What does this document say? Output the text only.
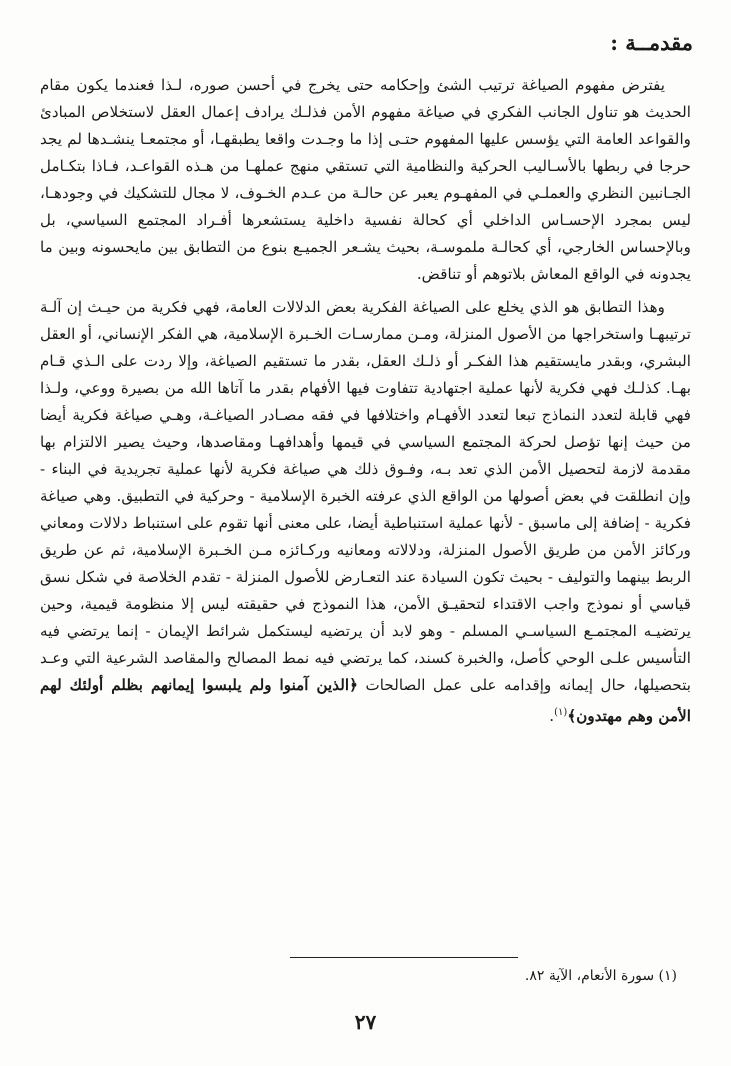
مقدمــة :

يفترض مفهوم الصياغة ترتيب الشئ وإحكامه حتى يخرج في أحسن صوره، لـذا فعندما يكون مقام الحديث هو تناول الجانب الفكري في صياغة مفهوم الأمن فذلـك يرادف إعمال العقل لاستخلاص المبادئ والقواعد العامة التي يؤسس عليها المفهوم حتـى إذا ما وجـدت واقعا يطبقهـا، أو مجتمعـا ينشـدها لم يجد حرجا في ربطها بالأسـاليب الحركية والنظامية التي تستقي منهج عملهـا من هـذه القواعـد، فـاذا بتكـامل الجـانبين النظري والعملـي في المفهـوم يعبر عن حالـة من عـدم الخـوف، لا مجال للتشكيك في وجودهـا، ليس بمجرد الإحسـاس الداخلي أي كحالة نفسية داخلية يستشعرها أفـراد المجتمع السياسي، بل وبالإحساس الخارجي، أي كحالـة ملموسـة، بحيث يشـعر الجميـع بنوع من التطابق بين مايحسونه وبين ما يجدونه في الواقع المعاش بلاتوهم أو تناقض.

وهذا التطابق هو الذي يخلع على الصياغة الفكرية بعض الدلالات العامة، فهي فكرية من حيـث إن آلـة ترتيبهـا واستخراجها من الأصول المنزلة، ومـن ممارسـات الخـبرة الإسلامية، هي الفكر الإنساني، أو العقل البشري، وبقدر مايستقيم هذا الفكـر أو ذلـك العقل، بقدر ما تستقيم الصياغة، وإلا ردت على الـذي قـام بهـا. كذلـك فهي فكرية لأنها عملية اجتهادية تتفاوت فيها الأفهام بقدر ما آتاها الله من بصيرة ووعي، ولـذا فهي قابلة لتعدد النماذج تبعا لتعدد الأفهـام واختلافها في فقه مصـادر الصياغـة، وهـي صياغة فكرية أيضا من حيث إنها تؤصل لحركة المجتمع السياسي في قيمها وأهدافهـا ومقاصدها، وحيث يصير الالتزام بها مقدمة لازمة لتحصيل الأمن الذي تعد بـه، وفـوق ذلك هي صياغة فكرية لأنها عملية تجريدية في البناء - وإن انطلقت في بعض أصولها من الواقع الذي عرفته الخبرة الإسلامية - وحركية في التطبيق. وهي صياغة فكرية - إضافة إلى ماسبق - لأنها عملية استنباطية أيضا، على معنى أنها تقوم على استنباط دلالات ومعاني وركائز الأمن من طريق الأصول المنزلة، ودلالاته ومعانيه وركـائزه مـن الخـبرة الإسلامية، ثم عن طريق الربط بينهما والتوليف - بحيث تكون السيادة عند التعـارض للأصول المنزلة - تقدم الخلاصة في شكل نسق قياسي أو نموذج واجب الاقتداء لتحقيـق الأمن، هذا النموذج في حقيقته ليس إلا منظومة قيمية، وحين يرتضيـه المجتمـع السياسـي المسلم - وهو لابد أن يرتضيه ليستكمل شرائط الإيمان - إنما يرتضي فيه التأسيس علـى الوحي كأصل، والخبرة كسند، كما يرتضي فيه نمط المصالح والمقاصد الشرعية التي وعـد بتحصيلها، حال إيمانه وإقدامه على عمل الصالحات ﴿الذين آمنوا ولم يلبسوا إيمانهم بظلم أولئك لهم الأمن وهم مهتدون﴾$^{(١)}$.

(١) سورة الأنعام، الآية ٨٢.
٢٧
